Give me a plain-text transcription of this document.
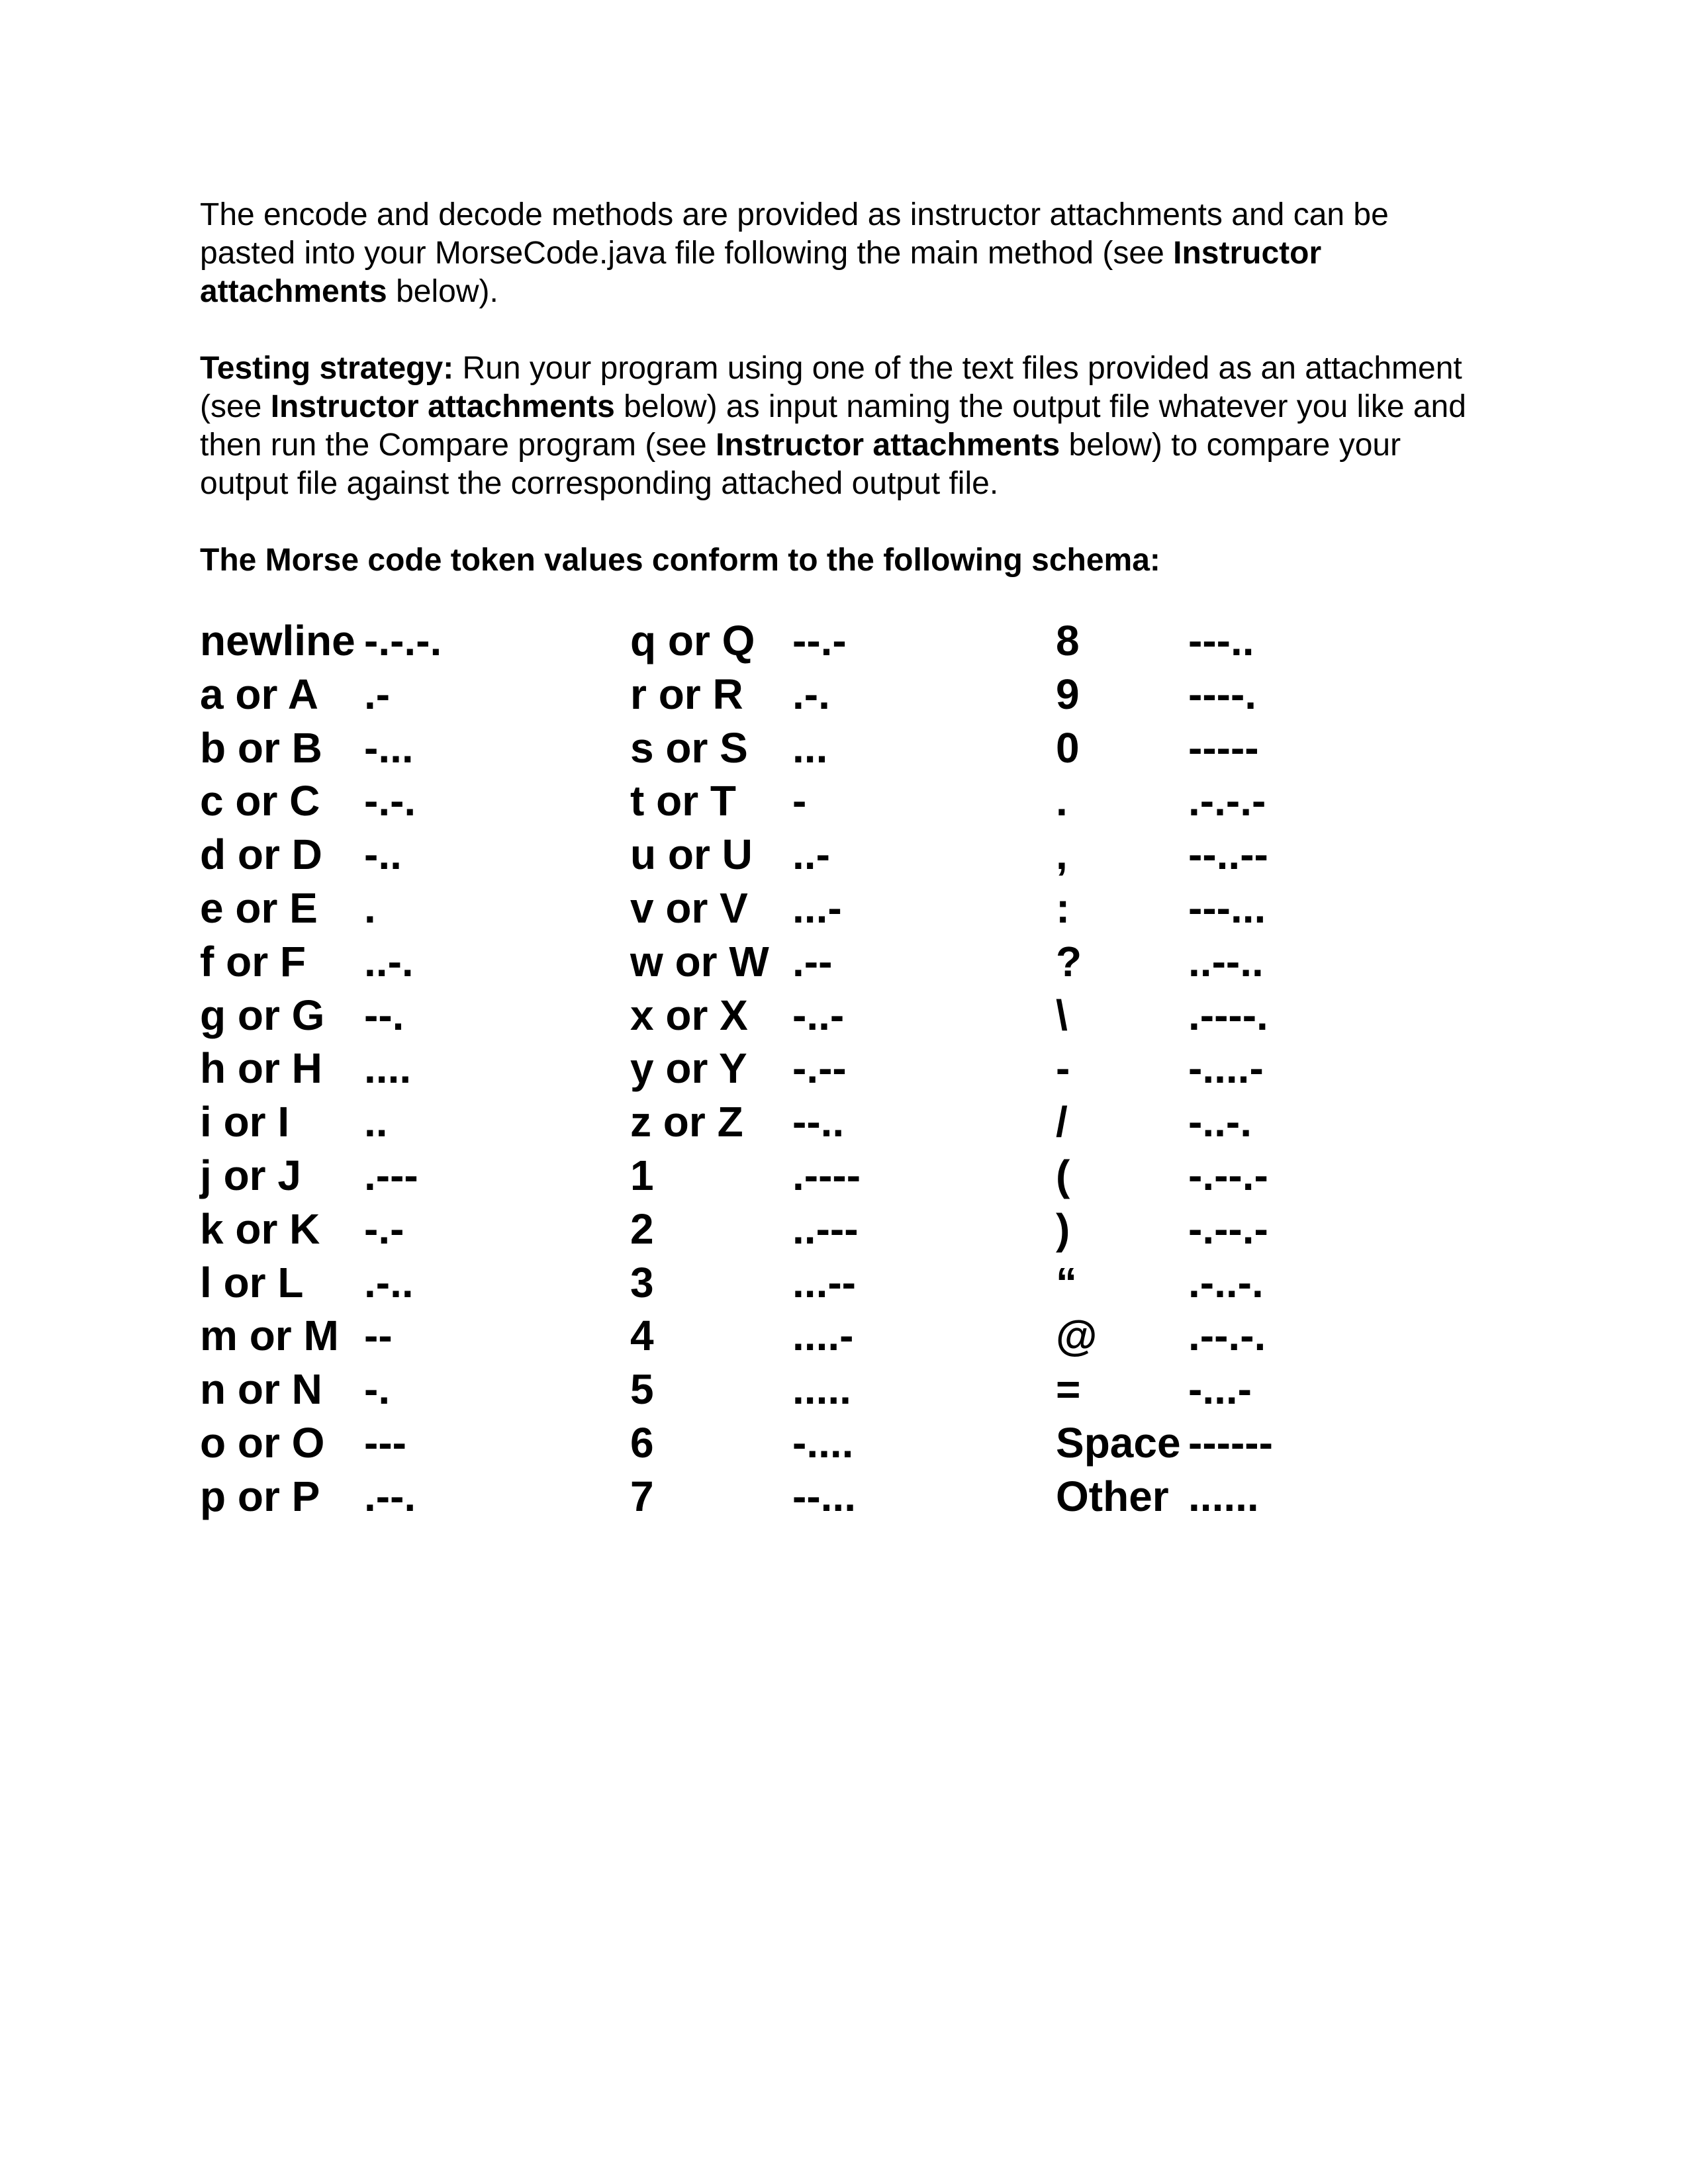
The encode and decode methods are provided as instructor attachments and can be pasted into your MorseCode.java file following the main method (see Instructor attachments below).

Testing strategy: Run your program using one of the text files provided as an attachment (see Instructor attachments below) as input naming the output file whatever you like and then run the Compare program (see Instructor attachments below) to compare your output file against the corresponding attached output file.

The Morse code token values conform to the following schema:

newline -.-.-.
a or A .-
b or B -...
c or C -.-.
d or D -..
e or E .
f or F ..-.
g or G --.
h or H ....
i or I ..
j or J .---
k or K -.-
l or L .-..
m or M --
n or N -.
o or O ---
p or P .--.
q or Q --.-
r or R .-.
s or S ...
t or T -
u or U ..-
v or V ...-
w or W .--
x or X -..-
y or Y -.--
z or Z --..
1	.----
2	..---
3	...--
4	....-
5	.....
6	-....
7	--...
8	---..
9	----.
0	-----
.	.-.-.-
,	--..--
:	---...
?	..--..
\	.----.
-	-....-
/	-..-.
(	-.--.-
)	-.--.-
“	.-..-.
@ .--.-.
=	-...-
Space ------
Other ......
